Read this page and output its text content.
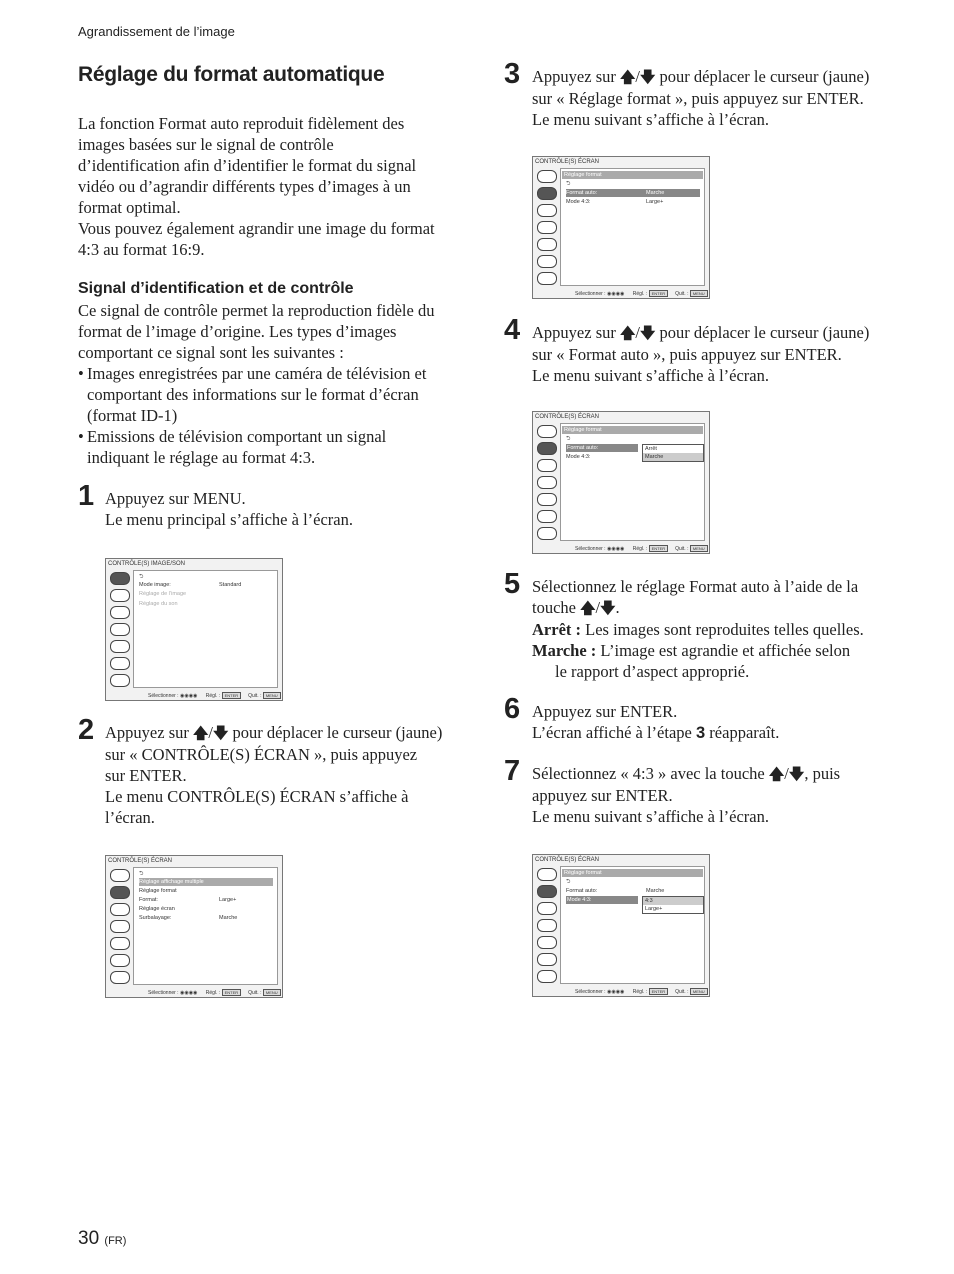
Agrandissement de l’image
Réglage du format automatique
La fonction Format auto reproduit fidèlement des
images basées sur le signal de contrôle
d’identification afin d’identifier le format du signal
vidéo ou d’agrandir différents types d’images à un
format optimal.
Vous pouvez également agrandir une image du format
4:3 au format 16:9.
Signal d’identification et de contrôle
Ce signal de contrôle permet la reproduction fidèle du
format de l’image d’origine. Les types d’images
comportant ce signal sont les suivantes :
• Images enregistrées par une caméra de télévision et
comportant des informations sur le format d’écran
(format ID-1)
• Emissions de télévision comportant un signal
indiquant le réglage au format 4:3.
1 Appuyez sur MENU.
Le menu principal s’affiche à l’écran.
CONTRÔLE(S) IMAGE/SON
⮌
Mode image:	Standard
Réglage de l’image
Réglage du son
Sélectionner : ◉◉◉◉      Régl. : ENTER Quit. : MENU
2 Appuyez sur 🡅/🡇 pour déplacer le curseur (jaune)
sur « CONTRÔLE(S) ÉCRAN », puis appuyez
sur ENTER.
Le menu CONTRÔLE(S) ÉCRAN s’affiche à
l’écran.
CONTRÔLE(S) ÉCRAN
⮌
Réglage affichage multiple
Réglage format
Format:	Large+
Réglage écran
Surbalayage:	Marche
Sélectionner : ◉◉◉◉      Régl. : ENTER Quit. : MENU
3 Appuyez sur 🡅/🡇 pour déplacer le curseur (jaune)
sur « Réglage format », puis appuyez sur ENTER.
Le menu suivant s’affiche à l’écran.
CONTRÔLE(S) ÉCRAN
Réglage format
⮌
Format auto:	Marche
Mode 4:3:	Large+
Sélectionner : ◉◉◉◉      Régl. : ENTER Quit. : MENU
4 Appuyez sur 🡅/🡇 pour déplacer le curseur (jaune)
sur « Format auto », puis appuyez sur ENTER.
Le menu suivant s’affiche à l’écran.
CONTRÔLE(S) ÉCRAN
Réglage format
⮌
Format auto:
Mode 4:3:
Arrêt
Marche
Sélectionner : ◉◉◉◉      Régl. : ENTER Quit. : MENU
5 Sélectionnez le réglage Format auto à l’aide de la
touche 🡅/🡇.
Arrêt : Les images sont reproduites telles quelles.
Marche : L’image est agrandie et affichée selon
le rapport d’aspect approprié.
6 Appuyez sur ENTER.
L’écran affiché à l’étape 3 réapparaît.
7 Sélectionnez « 4:3 » avec la touche 🡅/🡇, puis
appuyez sur ENTER.
Le menu suivant s’affiche à l’écran.
CONTRÔLE(S) ÉCRAN
Réglage format
⮌
Format auto:	Marche
Mode 4:3:	4:3
Large+
Sélectionner : ◉◉◉◉      Régl. : ENTER Quit. : MENU
30 (FR)
